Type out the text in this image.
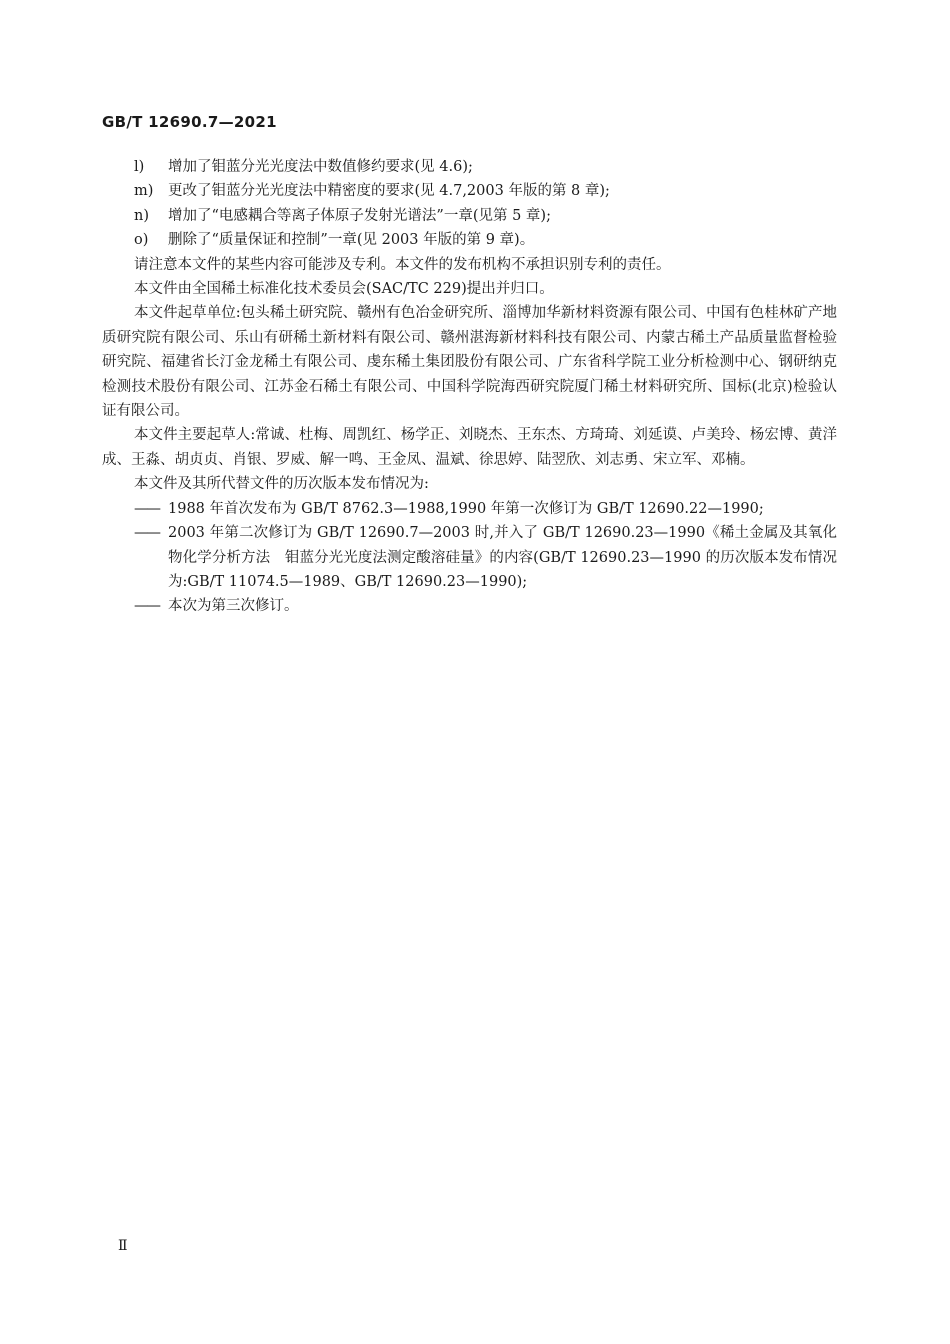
GB/T 12690.7—2021

l) 增加了钼蓝分光光度法中数值修约要求(见 4.6);

m) 更改了钼蓝分光光度法中精密度的要求(见 4.7,2003 年版的第 8 章);

n) 增加了“电感耦合等离子体原子发射光谱法”一章(见第 5 章);

o) 删除了“质量保证和控制”一章(见 2003 年版的第 9 章)。

请注意本文件的某些内容可能涉及专利。本文件的发布机构不承担识别专利的责任。

本文件由全国稀土标准化技术委员会(SAC/TC 229)提出并归口。

本文件起草单位:包头稀土研究院、赣州有色冶金研究所、淄博加华新材料资源有限公司、中国有色桂林矿产地质研究院有限公司、乐山有研稀土新材料有限公司、赣州湛海新材料科技有限公司、内蒙古稀土产品质量监督检验研究院、福建省长汀金龙稀土有限公司、虔东稀土集团股份有限公司、广东省科学院工业分析检测中心、钢研纳克检测技术股份有限公司、江苏金石稀土有限公司、中国科学院海西研究院厦门稀土材料研究所、国标(北京)检验认证有限公司。

本文件主要起草人:常诚、杜梅、周凯红、杨学正、刘晓杰、王东杰、方琦琦、刘延谟、卢美玲、杨宏博、黄洋成、王淼、胡贞贞、肖银、罗威、解一鸣、王金凤、温斌、徐思婷、陆翌欣、刘志勇、宋立军、邓楠。

本文件及其所代替文件的历次版本发布情况为:

—— 1988 年首次发布为 GB/T 8762.3—1988,1990 年第一次修订为 GB/T 12690.22—1990;

—— 2003 年第二次修订为 GB/T 12690.7—2003 时,并入了 GB/T 12690.23—1990《稀土金属及其氧化物化学分析方法　钼蓝分光光度法测定酸溶硅量》的内容(GB/T 12690.23—1990 的历次版本发布情况为:GB/T 11074.5—1989、GB/T 12690.23—1990);

—— 本次为第三次修订。

Ⅱ
